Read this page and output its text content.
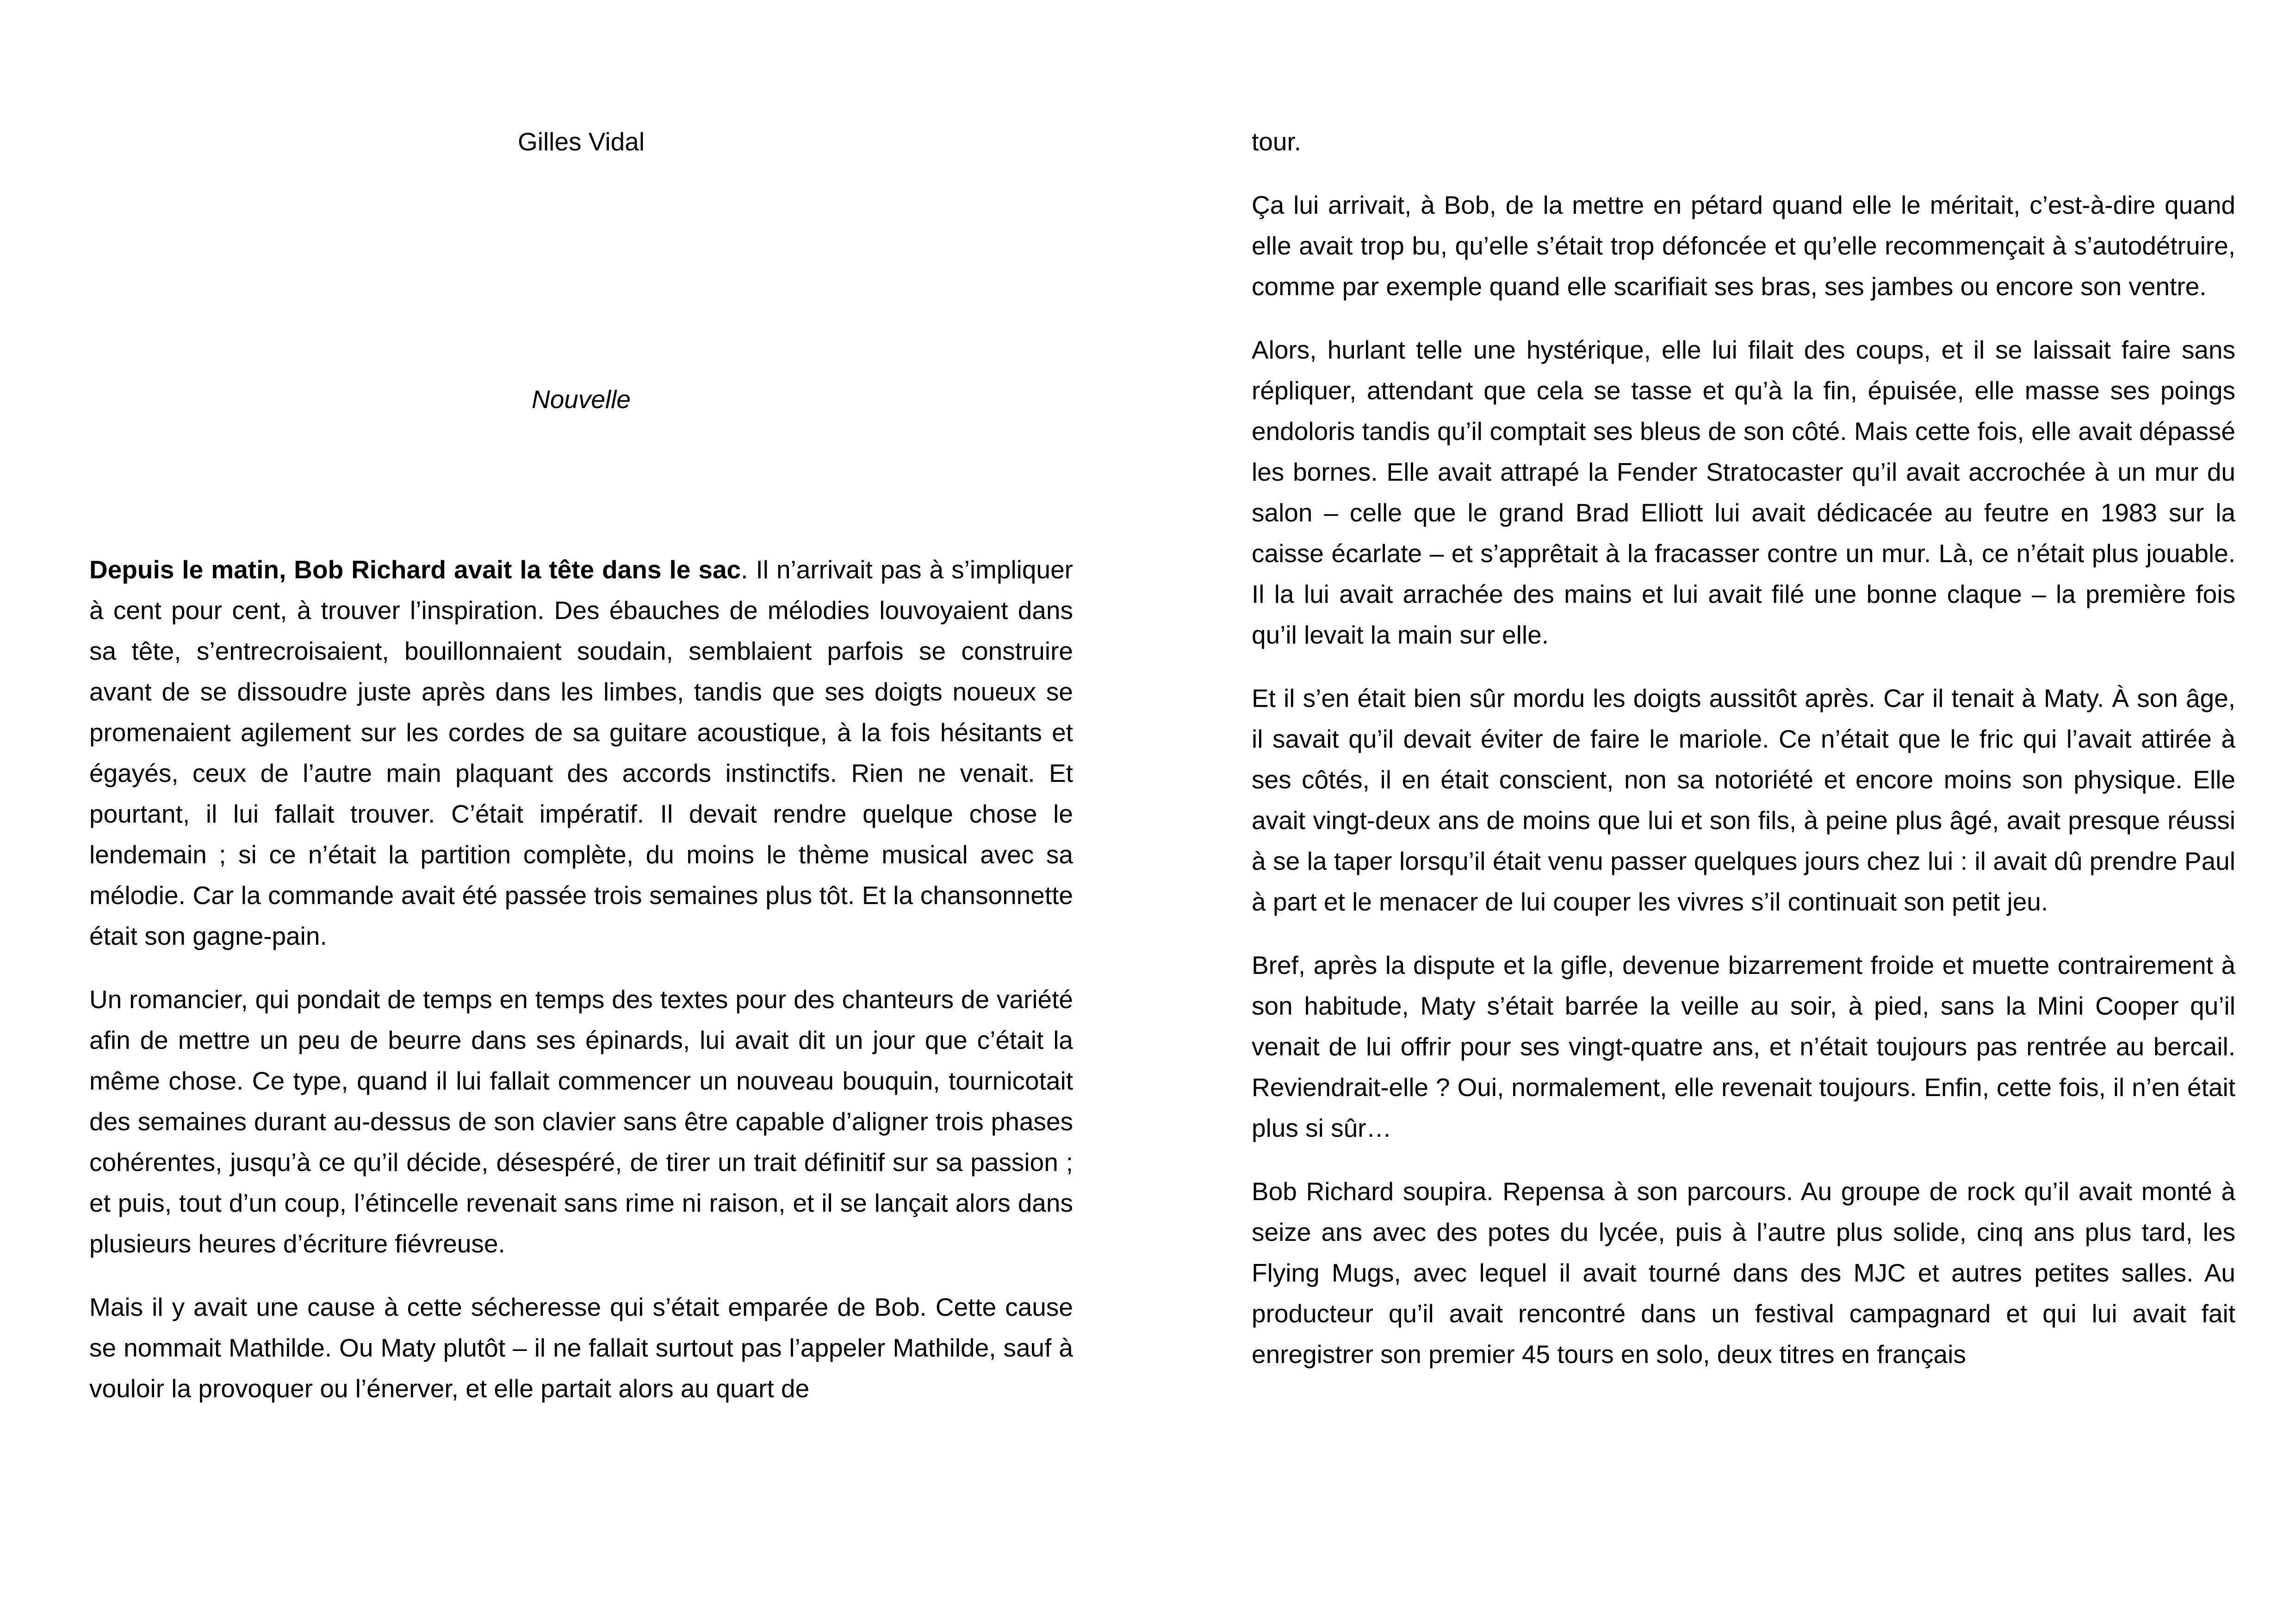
Gilles Vidal

Nouvelle

Depuis le matin, Bob Richard avait la tête dans le sac. Il n’arrivait pas à s’impliquer à cent pour cent, à trouver l’inspiration. Des ébauches de mélodies louvoyaient dans sa tête, s’entrecroisaient, bouillonnaient soudain, semblaient parfois se construire avant de se dissoudre juste après dans les limbes, tandis que ses doigts noueux se promenaient agilement sur les cordes de sa guitare acoustique, à la fois hésitants et égayés, ceux de l’autre main plaquant des accords instinctifs. Rien ne venait. Et pourtant, il lui fallait trouver. C’était impératif. Il devait rendre quelque chose le lendemain ; si ce n’était la partition complète, du moins le thème musical avec sa mélodie. Car la commande avait été passée trois semaines plus tôt. Et la chansonnette était son gagne-pain.

Un romancier, qui pondait de temps en temps des textes pour des chanteurs de variété afin de mettre un peu de beurre dans ses épinards, lui avait dit un jour que c’était la même chose. Ce type, quand il lui fallait commencer un nouveau bouquin, tournicotait des semaines durant au-dessus de son clavier sans être capable d’aligner trois phases cohérentes, jusqu’à ce qu’il décide, désespéré, de tirer un trait définitif sur sa passion ; et puis, tout d’un coup, l’étincelle revenait sans rime ni raison, et il se lançait alors dans plusieurs heures d’écriture fiévreuse.

Mais il y avait une cause à cette sécheresse qui s’était emparée de Bob. Cette cause se nommait Mathilde. Ou Maty plutôt – il ne fallait surtout pas l’appeler Mathilde, sauf à vouloir la provoquer ou l’énerver, et elle partait alors au quart de

tour.

Ça lui arrivait, à Bob, de la mettre en pétard quand elle le méritait, c’est-à-dire quand elle avait trop bu, qu’elle s’était trop défoncée et qu’elle recommençait à s’autodétruire, comme par exemple quand elle scarifiait ses bras, ses jambes ou encore son ventre.

Alors, hurlant telle une hystérique, elle lui filait des coups, et il se laissait faire sans répliquer, attendant que cela se tasse et qu’à la fin, épuisée, elle masse ses poings endoloris tandis qu’il comptait ses bleus de son côté. Mais cette fois, elle avait dépassé les bornes. Elle avait attrapé la Fender Stratocaster qu’il avait accrochée à un mur du salon – celle que le grand Brad Elliott lui avait dédicacée au feutre en 1983 sur la caisse écarlate – et s’apprêtait à la fracasser contre un mur. Là, ce n’était plus jouable. Il la lui avait arrachée des mains et lui avait filé une bonne claque – la première fois qu’il levait la main sur elle.

Et il s’en était bien sûr mordu les doigts aussitôt après. Car il tenait à Maty. À son âge, il savait qu’il devait éviter de faire le mariole. Ce n’était que le fric qui l’avait attirée à ses côtés, il en était conscient, non sa notoriété et encore moins son physique. Elle avait vingt-deux ans de moins que lui et son fils, à peine plus âgé, avait presque réussi à se la taper lorsqu’il était venu passer quelques jours chez lui : il avait dû prendre Paul à part et le menacer de lui couper les vivres s’il continuait son petit jeu.

Bref, après la dispute et la gifle, devenue bizarrement froide et muette contrairement à son habitude, Maty s’était barrée la veille au soir, à pied, sans la Mini Cooper qu’il venait de lui offrir pour ses vingt-quatre ans, et n’était toujours pas rentrée au bercail. Reviendrait-elle ? Oui, normalement, elle revenait toujours. Enfin, cette fois, il n’en était plus si sûr…

Bob Richard soupira. Repensa à son parcours. Au groupe de rock qu’il avait monté à seize ans avec des potes du lycée, puis à l’autre plus solide, cinq ans plus tard, les Flying Mugs, avec lequel il avait tourné dans des MJC et autres petites salles. Au producteur qu’il avait rencontré dans un festival campagnard et qui lui avait fait enregistrer son premier 45 tours en solo, deux titres en français
